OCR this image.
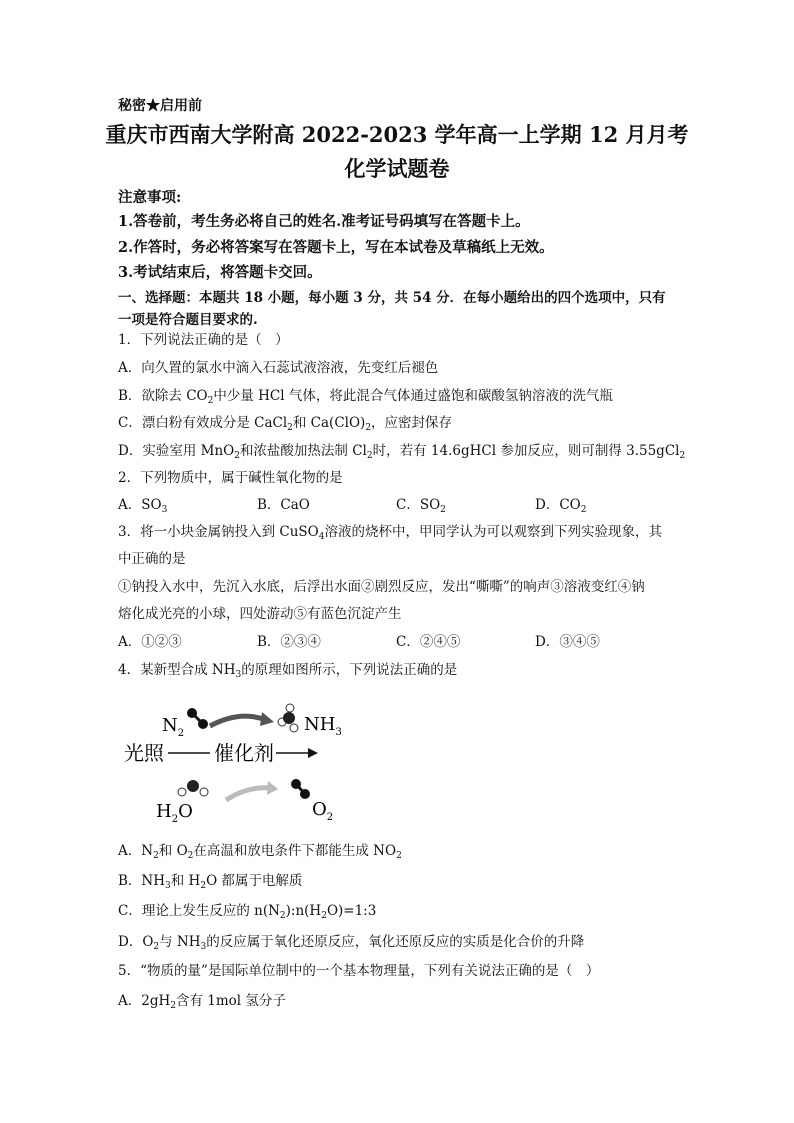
秘密★启用前
重庆市西南大学附高 2022-2023 学年高一上学期 12 月月考
化学试题卷
注意事项:
1.答卷前，考生务必将自己的姓名.准考证号码填写在答题卡上。
2.作答时，务必将答案写在答题卡上，写在本试卷及草稿纸上无效。
3.考试结束后，将答题卡交回。
一、选择题：本题共 18 小题，每小题 3 分，共 54 分．在每小题给出的四个选项中，只有
一项是符合题目要求的.
1．下列说法正确的是（　）
A．向久置的氯水中滴入石蕊试液溶液，先变红后褪色
B．欲除去 $CO_2$中少量 HCl 气体，将此混合气体通过盛饱和碳酸氢钠溶液的洗气瓶
C．漂白粉有效成分是 CaCl$_2$和 $Ca(ClO)_2$，应密封保存
D．实验室用 MnO$_2$和浓盐酸加热法制 $Cl_2$时，若有 14.6gHCl 参加反应，则可制得 3.55gCl$_2$
2．下列物质中，属于碱性氧化物的是
A．$SO_3$	B．CaO	C．$SO_2$	D．$CO_2$
3．将一小块金属钠投入到 CuSO$_4$溶液的烧杯中，甲同学认为可以观察到下列实验现象，其
中正确的是
①钠投入水中，先沉入水底，后浮出水面②剧烈反应，发出“嘶嘶”的响声③溶液变红④钠
熔化成光亮的小球，四处游动⑤有蓝色沉淀产生
A．①②③	B．②③④	C．②④⑤	D．③④⑤
4．某新型合成 $NH_3$的原理如图所示，下列说法正确的是
$N_2$	$NH_3$
光照	催化剂
$H_2O$	$O_2$
A．$N_2$和 $O_2$在高温和放电条件下都能生成 $NO_2$
B．$NH_3$和 $H_2O$ 都属于电解质
C．理论上发生反应的 $n(N_2):n(H_2O)=1:3$
D．$O_2$与 $NH_3$的反应属于氧化还原反应，氧化还原反应的实质是化合价的升降
5．“物质的量”是国际单位制中的一个基本物理量，下列有关说法正确的是（　）
A．$2gH_2$含有 1mol 氢分子
